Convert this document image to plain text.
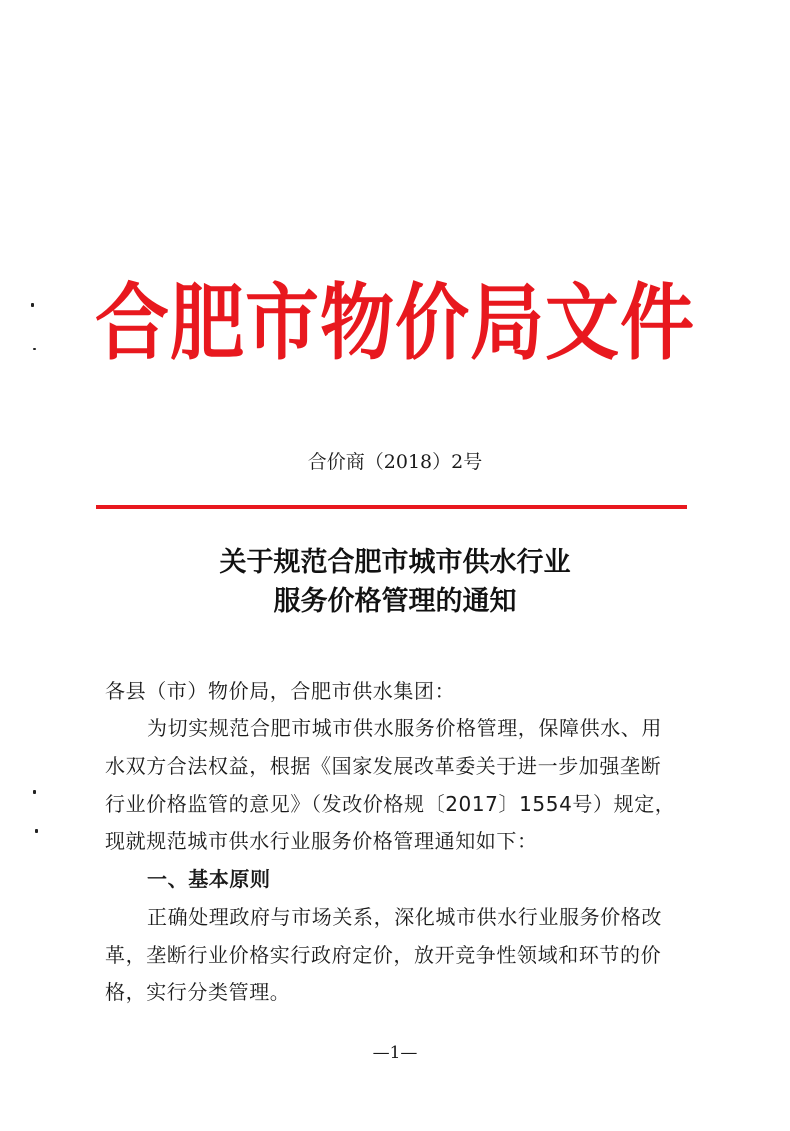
合肥市物价局文件
合价商（2018）2号
关于规范合肥市城市供水行业
服务价格管理的通知
各县（市）物价局，合肥市供水集团：
为切实规范合肥市城市供水服务价格管理，保障供水、用
水双方合法权益，根据《国家发展改革委关于进一步加强垄断
行业价格监管的意见》（发改价格规〔2017〕1554号）规定，
现就规范城市供水行业服务价格管理通知如下：
一、基本原则
正确处理政府与市场关系，深化城市供水行业服务价格改
革，垄断行业价格实行政府定价，放开竞争性领域和环节的价
格，实行分类管理。
—1—
